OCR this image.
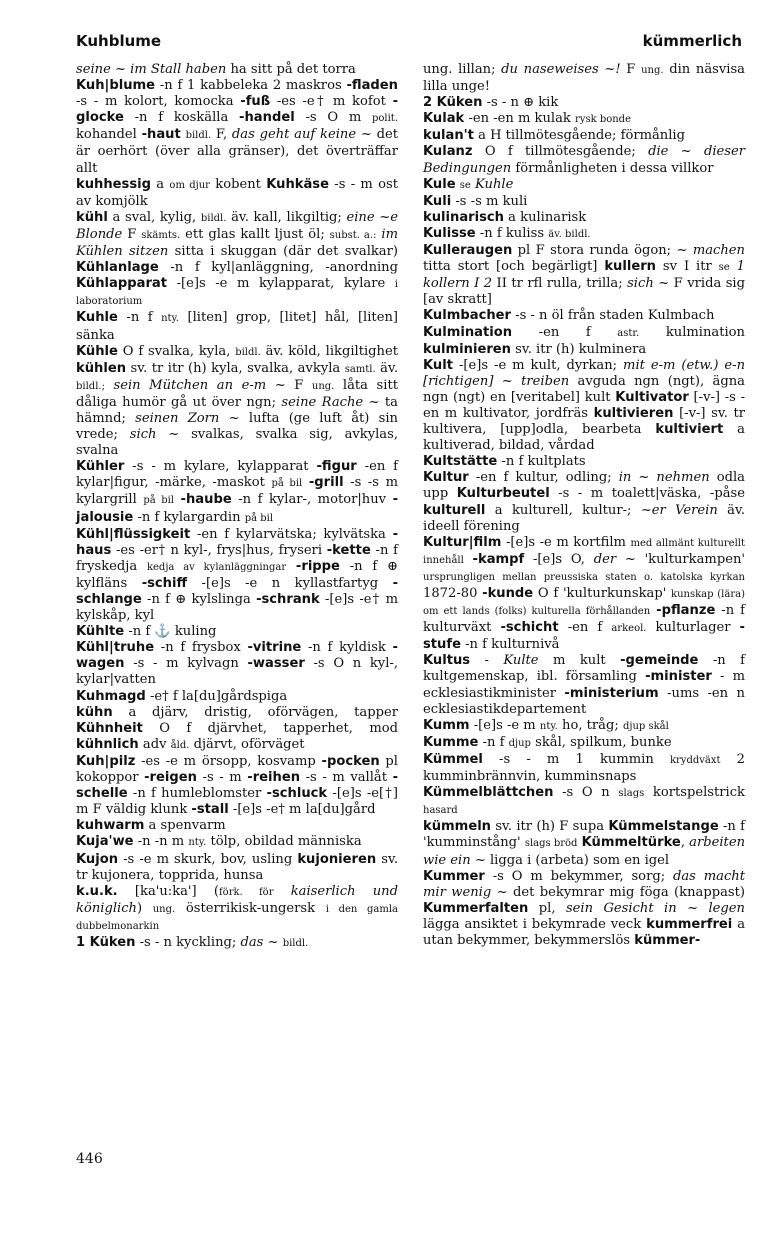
Kuhblume	kümmerlich
seine ~ im Stall haben ha sitt på det torra
Kuh|blume -n f 1 kabbeleka 2 maskros -fladen -s - m kolort, komocka -fuß -es -e† m kofot -glocke -n f koskälla -handel -s O m polit. kohandel -haut bildl. F, das geht auf keine ~ det är oerhört (över alla gränser), det överträffar allt
kuhhessig a om djur kobent Kuhkäse -s - m ost av komjölk
kühl a sval, kylig, bildl. äv. kall, likgiltig; eine ~e Blonde F skämts. ett glas kallt ljust öl; subst. a.: im Kühlen sitzen sitta i skuggan (där det svalkar) Kühlanlage -n f kyl|anläggning, -anordning Kühlapparat -[e]s -e m kylapparat, kylare i laboratorium
Kuhle -n f nty. [liten] grop, [litet] hål, [liten] sänka
Kühle O f svalka, kyla, bildl. äv. köld, likgiltighet kühlen sv. tr itr (h) kyla, svalka, avkyla samtl. äv. bildl.; sein Mütchen an e-m ~ F ung. låta sitt dåliga humör gå ut över ngn; seine Rache ~ ta hämnd; seinen Zorn ~ lufta (ge luft åt) sin vrede; sich ~ svalkas, svalka sig, avkylas, svalna
Kühler -s - m kylare, kylapparat -figur -en f kylar|figur, -märke, -maskot på bil -grill -s -s m kylargrill på bil -haube -n f kylar-, motor|huv -jalousie -n f kylargardin på bil
Kühl|flüssigkeit -en f kylarvätska; kylvätska -haus -es -er† n kyl-, frys|hus, fryseri -kette -n f fryskedja kedja av kylanläggningar -rippe -n f ⊕ kylfläns -schiff -[e]s -e n kyllastfartyg -schlange -n f ⊕ kylslinga -schrank -[e]s -e† m kylskåp, kyl
Kühlte -n f ⚓ kuling
Kühl|truhe -n f frysbox -vitrine -n f kyldisk -wagen -s - m kylvagn -wasser -s O n kyl-, kylar|vatten
Kuhmagd -e† f la[du]gårdspiga
kühn a djärv, dristig, oförvägen, tapper Kühnheit O f djärvhet, tapperhet, mod kühnlich adv åld. djärvt, oförväget
Kuh|pilz -es -e m örsopp, kosvamp -pocken pl kokoppor -reigen -s - m -reihen -s - m vallåt -schelle -n f humleblomster -schluck -[e]s -e[†] m F väldig klunk -stall -[e]s -e† m la[du]gård
kuhwarm a spenvarm
Kuja'we -n -n m nty. tölp, obildad människa
Kujon -s -e m skurk, bov, usling kujonieren sv. tr kujonera, topprida, hunsa
k.u.k. [ka'u:ka'] (förk. för kaiserlich und königlich) ung. österrikisk-ungersk i den gamla dubbelmonarkin
1 Küken -s - n kyckling; das ~ bildl.
ung. lillan; du naseweises ~! F ung. din näsvisa lilla unge!
2 Küken -s - n ⊕ kik
Kulak -en -en m kulak rysk bonde
kulan't a H tillmötesgående; förmånlig
Kulanz O f tillmötesgående; die ~ dieser Bedingungen förmånligheten i dessa villkor
Kule se Kuhle
Kuli -s -s m kuli
kulinarisch a kulinarisk
Kulisse -n f kuliss äv. bildl.
Kulleraugen pl F stora runda ögon; ~ machen titta stort [och begärligt] kullern sv I itr se 1 kollern I 2 II tr rfl rulla, trilla; sich ~ F vrida sig [av skratt]
Kulmbacher -s - n öl från staden Kulmbach
Kulmination -en f astr. kulmination kulminieren sv. itr (h) kulminera
Kult -[e]s -e m kult, dyrkan; mit e-m (etw.) e-n [richtigen] ~ treiben avguda ngn (ngt), ägna ngn (ngt) en [veritabel] kult Kultivator [-v-] -s -en m kultivator, jordfräs kultivieren [-v-] sv. tr kultivera, [upp]odla, bearbeta kultiviert a kultiverad, bildad, vårdad
Kultstätte -n f kultplats
Kultur -en f kultur, odling; in ~ nehmen odla upp Kulturbeutel -s - m toalett|väska, -påse kulturell a kulturell, kultur-; ~er Verein äv. ideell förening
Kultur|film -[e]s -e m kortfilm med allmänt kulturellt innehåll -kampf -[e]s O, der ~ 'kulturkampen' ursprungligen mellan preussiska staten o. katolska kyrkan 1872-80 -kunde O f 'kulturkunskap' kunskap (lära) om ett lands (folks) kulturella förhållanden -pflanze -n f kulturväxt -schicht -en f arkeol. kulturlager -stufe -n f kulturnivå
Kultus - Kulte m kult -gemeinde -n f kultgemenskap, ibl. församling -minister - m ecklesiastikminister -ministerium -ums -en n ecklesiastikdepartement
Kumm -[e]s -e m nty. ho, tråg; djup skål
Kumme -n f djup skål, spilkum, bunke
Kümmel -s - m 1 kummin kryddväxt 2 kumminbrännvin, kumminsnaps
Kümmelblättchen -s O n slags kortspelstrick hasard
kümmeln sv. itr (h) F supa Kümmelstange -n f 'kumminstång' slags bröd Kümmeltürke, arbeiten wie ein ~ ligga i (arbeta) som en igel
Kummer -s O m bekymmer, sorg; das macht mir wenig ~ det bekymrar mig föga (knappast) Kummerfalten pl, sein Gesicht in ~ legen lägga ansiktet i bekymrade veck kummerfrei a utan bekymmer, bekymmerslös kümmer-
446
